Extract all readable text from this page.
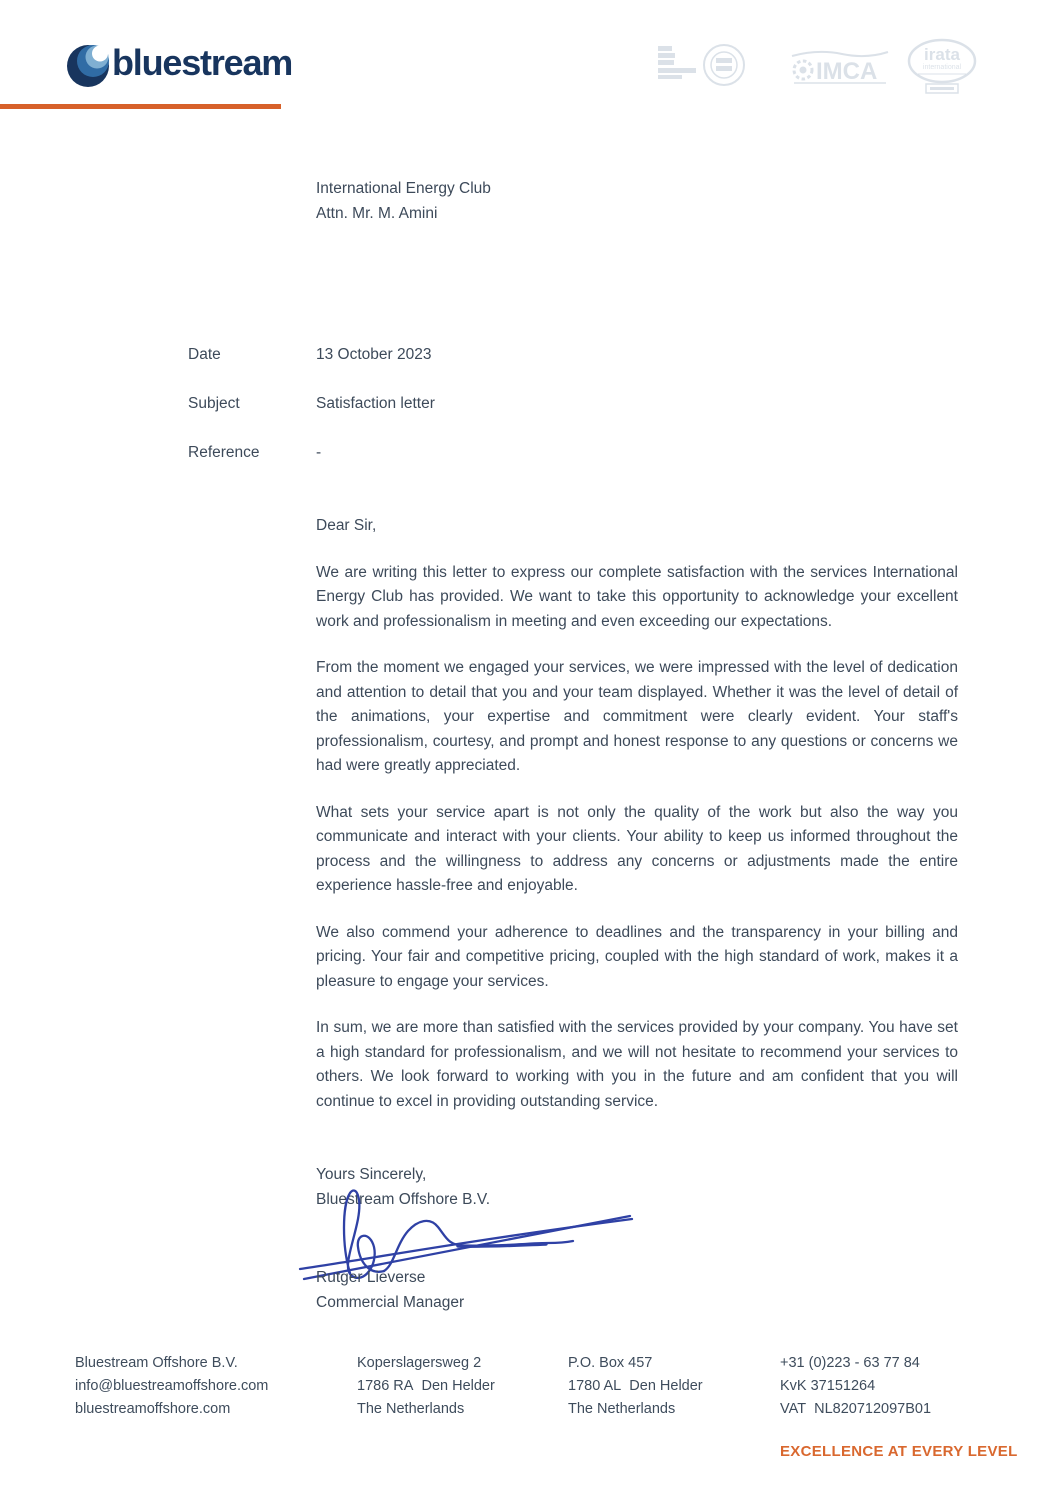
bluestream	IMCA
irata
international
International Energy Club
Attn. Mr. M. Amini
Date	13 October 2023
Subject	Satisfaction letter
Reference	-

Dear Sir,

We are writing this letter to express our complete satisfaction with the services International Energy Club has provided. We want to take this opportunity to acknowledge your excellent work and professionalism in meeting and even exceeding our expectations.

From the moment we engaged your services, we were impressed with the level of dedication and attention to detail that you and your team displayed. Whether it was the level of detail of the animations, your expertise and commitment were clearly evident. Your staff's professionalism, courtesy, and prompt and honest response to any questions or concerns we had were greatly appreciated.

What sets your service apart is not only the quality of the work but also the way you communicate and interact with your clients. Your ability to keep us informed throughout the process and the willingness to address any concerns or adjustments made the entire experience hassle-free and enjoyable.

We also commend your adherence to deadlines and the transparency in your billing and pricing. Your fair and competitive pricing, coupled with the high standard of work, makes it a pleasure to engage your services.

In sum, we are more than satisfied with the services provided by your company. You have set a high standard for professionalism, and we will not hesitate to recommend your services to others. We look forward to working with you in the future and am confident that you will continue to excel in providing outstanding service.

Yours Sincerely,
Bluestream Offshore B.V.
Rutger Lieverse
Commercial Manager
Bluestream Offshore B.V.
info@bluestreamoffshore.com
bluestreamoffshore.com
Koperslagersweg 2
1786 RA  Den Helder
The Netherlands
P.O. Box 457
1780 AL  Den Helder
The Netherlands
+31 (0)223 - 63 77 84
KvK 37151264
VAT  NL820712097B01
EXCELLENCE AT EVERY LEVEL
